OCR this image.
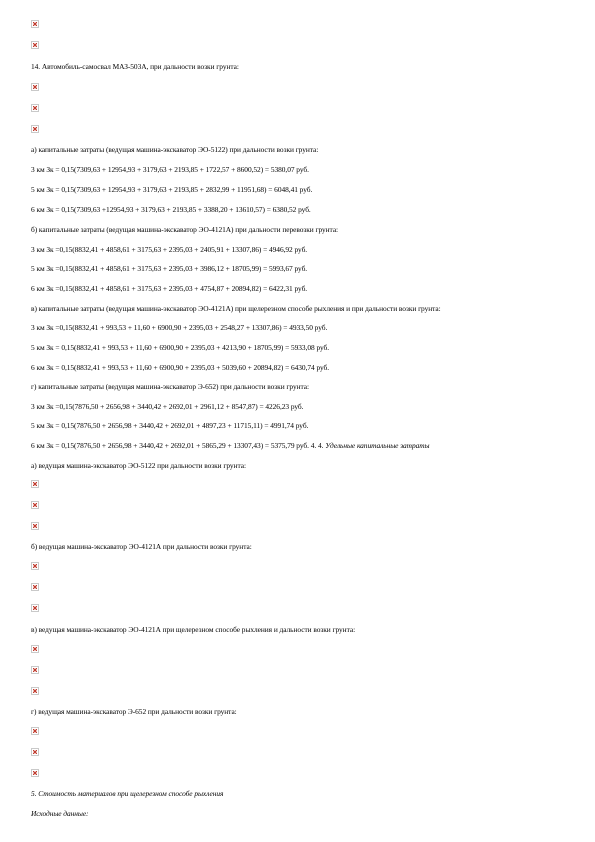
14. Автомобиль-самосвал МАЗ-503А, при дальности возки грунта:
а) капитальные затраты (ведущая машина-экскаватор ЭО-5122) при дальности возки грунта:
3 км Зк = 0,15(7309,63 + 12954,93 + 3179,63 + 2193,85 + 1722,57 + 8600,52) = 5380,07 руб.
5 км Зк = 0,15(7309,63 + 12954,93 + 3179,63 + 2193,85 + 2832,99 + 11951,68) = 6048,41 руб.
6 км Зк = 0,15(7309,63 +12954,93 + 3179,63 + 2193,85 + 3388,20 + 13610,57) = 6380,52 руб.
б) капитальные затраты (ведущая машина-экскаватор ЭО-4121А) при дальности перевозки грунта:
3 км Зк =0,15(8832,41 + 4858,61 + 3175,63 + 2395,03 + 2405,91 + 13307,86) = 4946,92 руб.
5 км Зк =0,15(8832,41 + 4858,61 + 3175,63 + 2395,03 + 3986,12 + 18705,99) = 5993,67 руб.
6 км Зк =0,15(8832,41 + 4858,61 + 3175,63 + 2395,03 + 4754,87 + 20894,82) = 6422,31 руб.
в) капитальные затраты (ведущая машина-экскаватор ЭО-4121А) при щелерезном способе рыхления и при дальности возки грунта:
3 км Зк =0,15(8832,41 + 993,53 + 11,60 + 6900,90 + 2395,03 + 2548,27 + 13307,86) = 4933,50 руб.
5 км Зк = 0,15(8832,41 + 993,53 + 11,60 + 6900,90 + 2395,03 + 4213,90 + 18705,99) = 5933,08 руб.
6 км Зк = 0,15(8832,41 + 993,53 + 11,60 + 6900,90 + 2395,03 + 5039,60 + 20894,82) = 6430,74 руб.
г) капитальные затраты (ведущая машина-экскаватор Э-652) при дальности возки грунта:
3 км Зк =0,15(7876,50 + 2656,98 + 3440,42 + 2692,01 + 2961,12 + 8547,87) = 4226,23 руб.
5 км Зк = 0,15(7876,50 + 2656,98 + 3440,42 + 2692,01 + 4897,23 + 11715,11) = 4991,74 руб.
6 км Зк = 0,15(7876,50 + 2656,98 + 3440,42 + 2692,01 + 5865,29 + 13307,43) = 5375,79 руб. 4. 4. Удельные капитальные затраты
а) ведущая машина-экскаватор ЭО-5122 при дальности возки грунта:
б) ведущая машина-экскаватор ЭО-4121А при дальности возки грунта:
в) ведущая машина-экскаватор ЭО-4121А при щелерезном способе рыхления и дальности возки грунта:
г) ведущая машина-экскаватор Э-652 при дальности возки грунта:
5. Стоимость материалов при щелерезном способе рыхления
Исходные данные:
